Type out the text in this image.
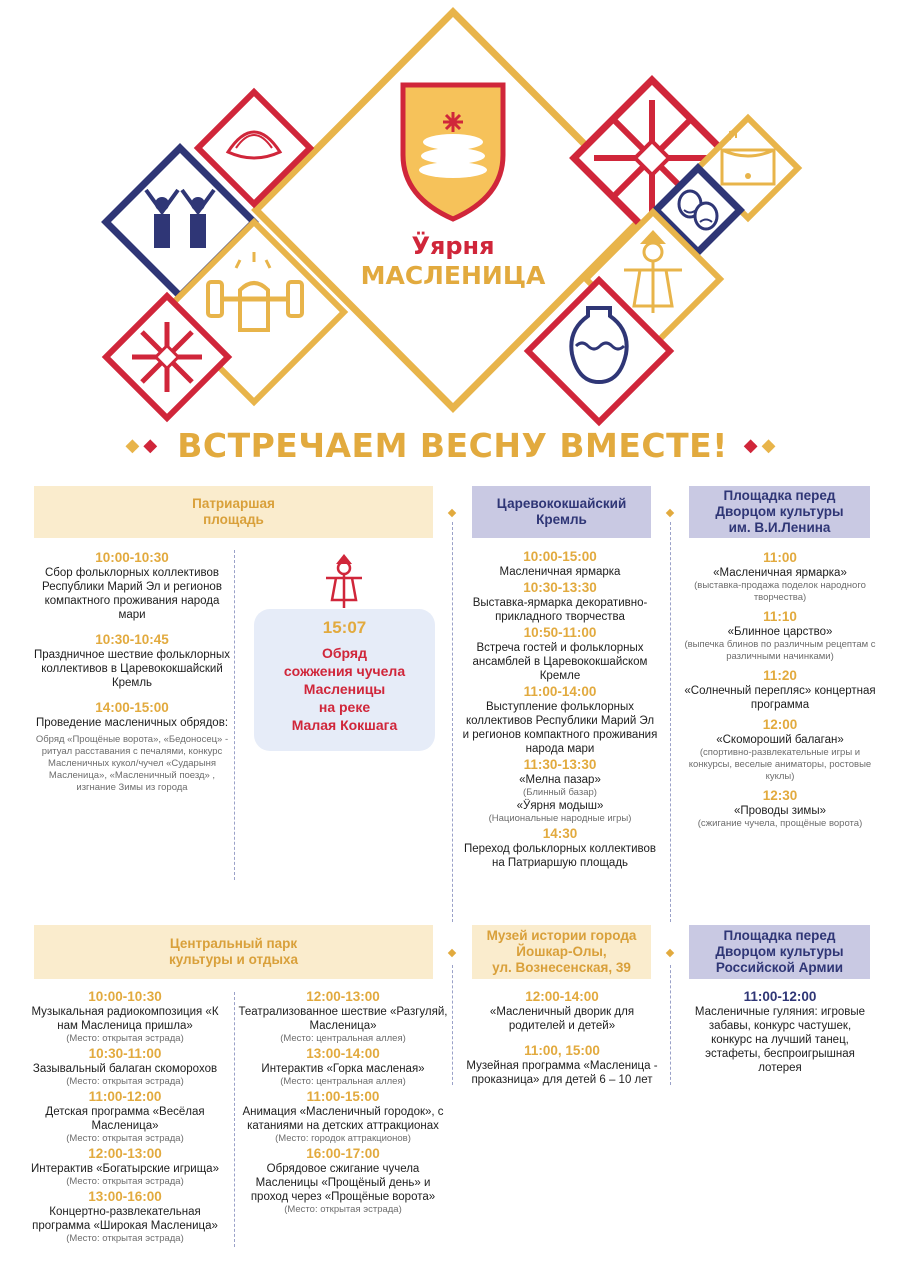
Ӱярня
МАСЛЕНИЦА
◆◆ ВСТРЕЧАЕМ ВЕСНУ ВМЕСТЕ! ◆◆
Патриаршая
площадь
Царевококшайский
Кремль
Площадка перед
Дворцом культуры
им. В.И.Ленина
10:00-10:30
Сбор фольклорных коллективов Республики Марий Эл и регионов компактного проживания народа мари
10:30-10:45
Праздничное шествие фольклорных коллективов в Царевококшайский Кремль
14:00-15:00
Проведение масленичных обрядов:
Обряд «Прощёные ворота», «Бедоносец» - ритуал расставания с печалями, конкурс Масленичных кукол/чучел «Сударыня Масленица», «Масленичный поезд» , изгнание Зимы из города
15:07
Обряд
сожжения чучела
Масленицы
на реке
Малая Кокшага
10:00-15:00
Масленичная ярмарка
10:30-13:30
Выставка-ярмарка декоративно-прикладного творчества
10:50-11:00
Встреча гостей и фольклорных ансамблей в Царевококшайском Кремле
11:00-14:00
Выступление фольклорных коллективов Республики Марий Эл и регионов компактного проживания народа мари
11:30-13:30
«Мелна пазар»
(Блинный базар)
«Ӱярня модыш»
(Национальные народные игры)
14:30
Переход фольклорных коллективов на Патриаршую площадь
11:00
«Масленичная ярмарка»
(выставка-продажа поделок народного творчества)
11:10
«Блинное царство»
(выпечка блинов по различным рецептам с различными начинками)
11:20
«Солнечный перепляс» концертная программа
12:00
«Скомороший балаган»
(спортивно-развлекательные игры и конкурсы, веселые аниматоры, ростовые куклы)
12:30
«Проводы зимы»
(сжигание чучела, прощёные ворота)
Центральный парк
культуры и отдыха
Музей истории города
Йошкар-Олы,
ул. Вознесенская, 39
Площадка перед
Дворцом культуры
Российской Армии
10:00-10:30
Музыкальная радиокомпозиция «К нам Масленица пришла»
(Место: открытая эстрада)
10:30-11:00
Зазывальный балаган скоморохов
(Место: открытая эстрада)
11:00-12:00
Детская программа «Весёлая Масленица»
(Место: открытая эстрада)
12:00-13:00
Интерактив «Богатырские игрища»
(Место: открытая эстрада)
13:00-16:00
Концертно-развлекательная программа «Широкая Масленица»
(Место: открытая эстрада)
12:00-13:00
Театрализованное шествие «Разгуляй, Масленица»
(Место: центральная аллея)
13:00-14:00
Интерактив «Горка масленая»
(Место: центральная аллея)
11:00-15:00
Анимация «Масленичный городок», с катаниями на детских аттракционах
(Место: городок аттракционов)
16:00-17:00
Обрядовое сжигание чучела Масленицы «Прощёный день» и проход через «Прощёные ворота»
(Место: открытая эстрада)
12:00-14:00
«Масленичный дворик для родителей и детей»
11:00, 15:00
Музейная программа «Масленица - проказница» для детей 6 – 10 лет
11:00-12:00
Масленичные гуляния: игровые забавы, конкурс частушек, конкурс на лучший танец, эстафеты, беспроигрышная лотерея
